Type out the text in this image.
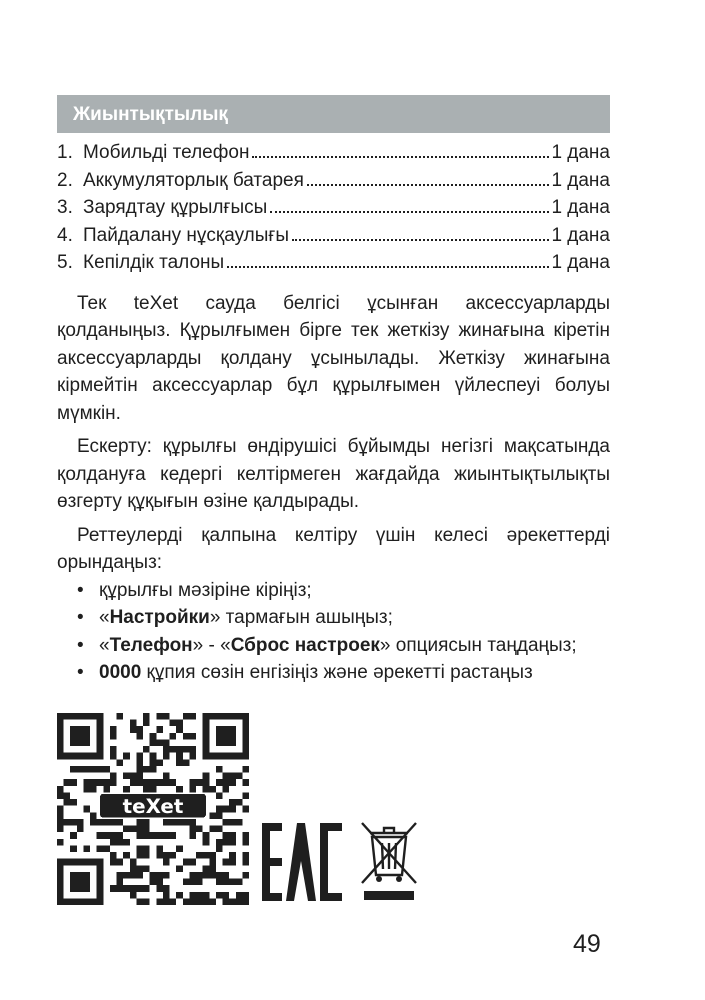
Жиынтықтылық
1. Мобильді телефон	1 дана
2. Аккумуляторлық батарея	1 дана
3. Зарядтау құрылғысы	1 дана
4. Пайдалану нұсқаулығы	1 дана
5. Кепілдік талоны	1 дана

Тек teXet сауда белгісі ұсынған аксессуарларды қолданыңыз. Құрылғымен бірге тек жеткізу жинағына кіретін аксессуарларды қолдану ұсынылады. Жеткізу жинағына кірмейтін аксессуарлар бұл құрылғымен үйлеспеуі болуы мүмкін.

Ескерту: құрылғы өндірушісі бұйымды негізгі мақсатында қолдануға кедергі келтірмеген жағдайда жиынтықтылықты өзгерту құқығын өзіне қалдырады.

Реттеулерді қалпына келтіру үшін келесі әрекеттерді орындаңыз:

• құрылғы мәзіріне кіріңіз;
• «Настройки» тармағын ашыңыз;
• «Телефон» - «Сброс настроек» опциясын таңдаңыз;
• 0000 құпия сөзін енгізіңіз және әрекетті растаңыз
teXet
49
